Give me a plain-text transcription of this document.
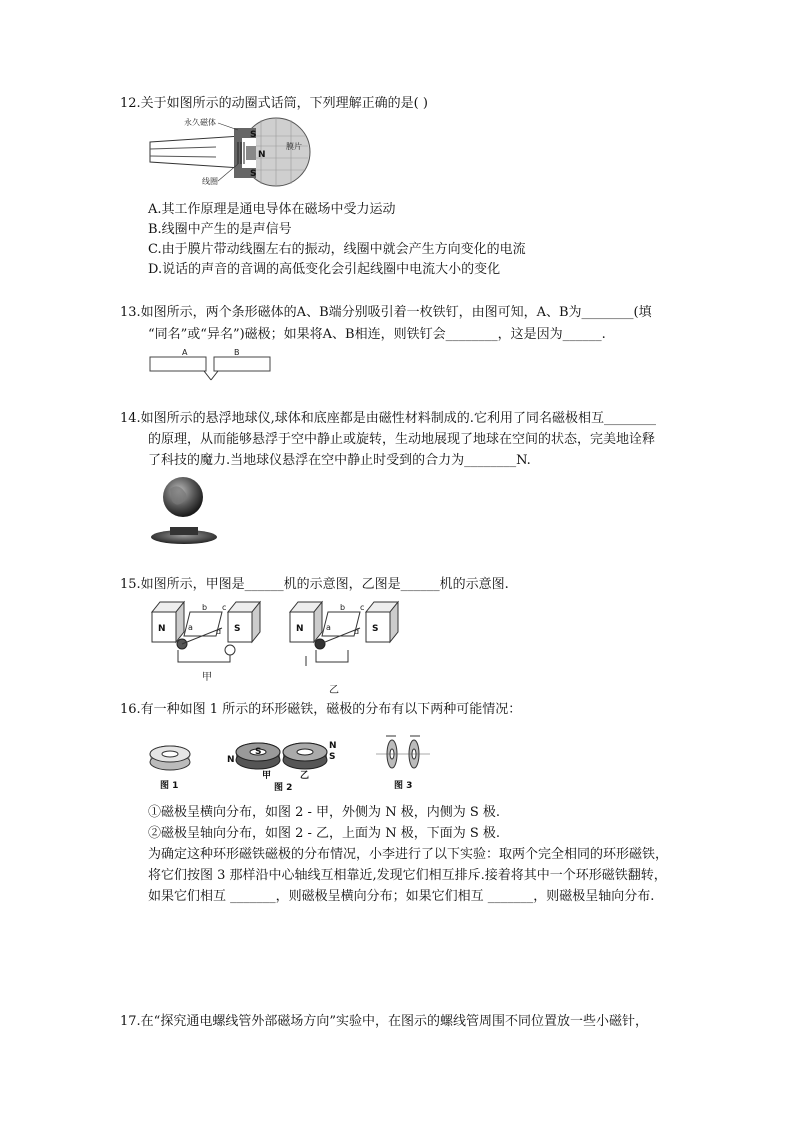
12.关于如图所示的动圈式话筒，下列理解正确的是( )
S
N
S
永久磁体
线圈
膜片
A.其工作原理是通电导体在磁场中受力运动
B.线圈中产生的是声信号
C.由于膜片带动线圈左右的振动，线圈中就会产生方向变化的电流
D.说话的声音的音调的高低变化会引起线圈中电流大小的变化
13.如图所示，两个条形磁体的A、B端分别吸引着一枚铁钉，由图可知，A、B为________(填
“同名”或“异名”)磁极；如果将A、B相连，则铁钉会________，这是因为______.
A	B
14.如图所示的悬浮地球仪,球体和底座都是由磁性材料制成的.它利用了同名磁极相互________
的原理，从而能够悬浮于空中静止或旋转，生动地展现了地球在空间的状态，完美地诠释
了科技的魔力.当地球仪悬浮在空中静止时受到的合力为________N.
15.如图所示，甲图是______机的示意图，乙图是______机的示意图.
N	S
a
b c
d
甲
N	S
a
b c
d
乙
16.有一种如图 1 所示的环形磁铁，磁极的分布有以下两种可能情况：
N
S
N
S
图 1
甲	乙
图 2	图 3
①磁极呈横向分布，如图 2 - 甲，外侧为 N 极，内侧为 S 极.
②磁极呈轴向分布，如图 2 - 乙，上面为 N 极，下面为 S 极.
为确定这种环形磁铁磁极的分布情况，小李进行了以下实验：取两个完全相同的环形磁铁，
将它们按图 3 那样沿中心轴线互相靠近,发现它们相互排斥.接着将其中一个环形磁铁翻转，
如果它们相互 _______，则磁极呈横向分布；如果它们相互 _______，则磁极呈轴向分布.
17.在“探究通电螺线管外部磁场方向”实验中，在图示的螺线管周围不同位置放一些小磁针，
